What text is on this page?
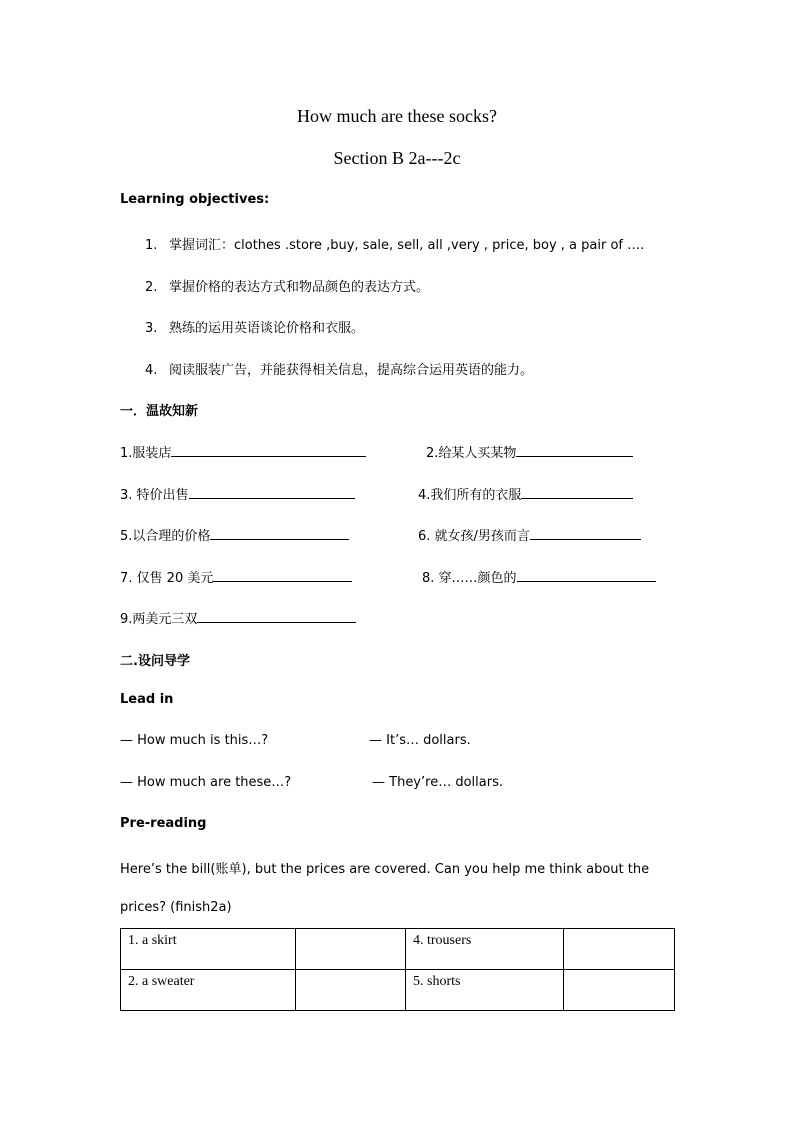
How much are these socks?
Section B 2a---2c
Learning objectives:
1. 掌握词汇：clothes .store ,buy, sale, sell, all ,very , price, boy , a pair of ….
2. 掌握价格的表达方式和物品颜色的表达方式。
3. 熟练的运用英语谈论价格和衣服。
4. 阅读服装广告，并能获得相关信息，提高综合运用英语的能力。
一．温故知新
1.服装店	2.给某人买某物
3. 特价出售	4.我们所有的衣服
5.以合理的价格	6. 就女孩/男孩而言
7. 仅售 20 美元	8. 穿……颜色的
9.两美元三双
二.设问导学
Lead in
— How much is this…?	— It’s… dollars.
— How much are these…?	— They’re… dollars.
Pre-reading
Here’s the bill(账单), but the prices are covered. Can you help me think about the
prices? (finish2a)
1. a skirt		4. trousers	
2. a sweater		5. shorts	
